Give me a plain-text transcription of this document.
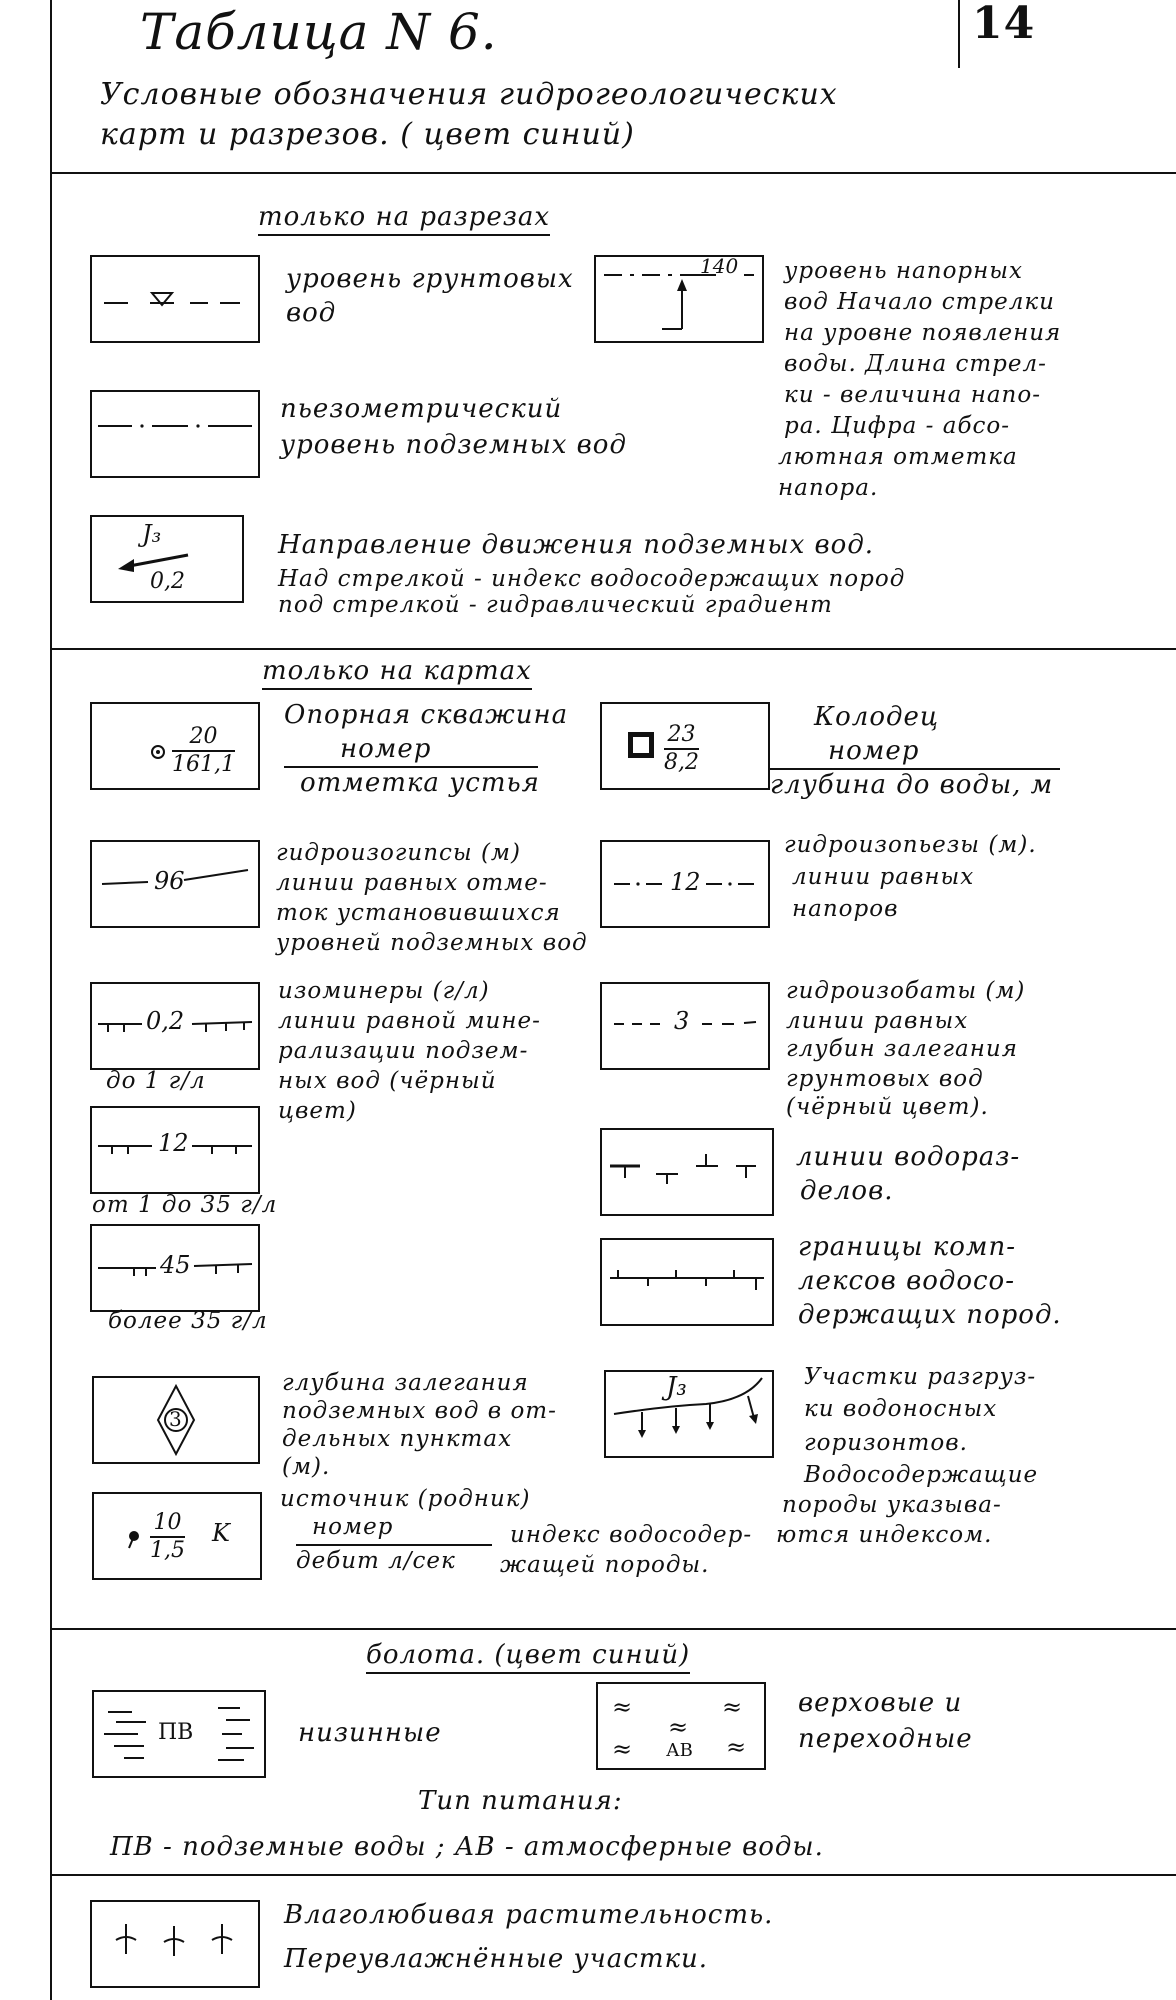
Таблица N 6.	14
Условные обозначения гидрогеологических
карт и разрезов. ( цвет синий)
только на разрезах
уровень грунтовых
вод
140 уровень напорных
вод Начало стрелки
на уровне появления
воды. Длина стрел-
ки - величина напо-
ра. Цифра - абсо-
лютная отметка
напора.
пьезометрический
уровень подземных вод
J₃
0,2
Направление движения подземных вод.
Над стрелкой - индекс водосодержащих пород
под стрелкой - гидравлический градиент
только на картах
$\frac{20}{161,1}$
Опорная скважина
номер
отметка устья
$\frac{23}{8,2}$
Колодец
номер
глубина до воды, м
96
гидроизогипсы (м)
линии равных отме-
ток установившихся
уровней подземных вод
12
гидроизопьезы (м).
линии равных
напоров
0,2
до 1 г/л
12
от 1 до 35 г/л
45
более 35 г/л
изоминеры (г/л)
линии равной мине-
рализации подзем-
ных вод (чёрный
цвет)
3
гидроизобаты (м)
линии равных
глубин залегания
грунтовых вод
(чёрный цвет).
линии водораз-
делов.
границы комп-
лексов водосо-
держащих пород.
3
глубина залегания
подземных вод в от-
дельных пунктах
(м).
J₃	Участки разгруз-
ки водоносных
горизонтов.
Водосодержащие
породы указыва-
ются индексом.
$\frac{10}{1,5}$ K
источник (родник)
номер
дебит л/сек
индекс водосодер-
жащей породы.
болота. (цвет синий)
ПВ	низинные
≈	≈
≈
≈	≈
АВ
верховые и
переходные
Тип питания:
ПВ - подземные воды ; АВ - атмосферные воды.
Влаголюбивая растительность.
Переувлажнённые участки.
